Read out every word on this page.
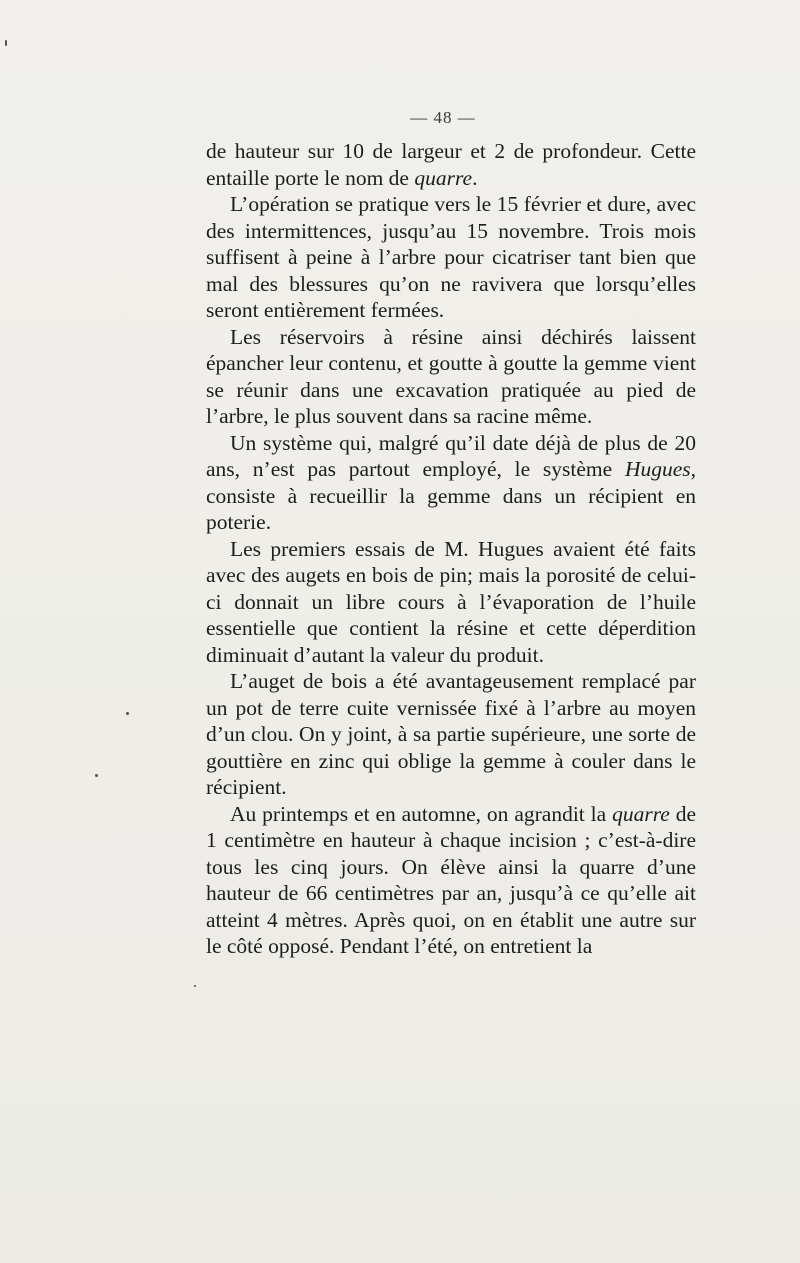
— 48 —

de hauteur sur 10 de largeur et 2 de profondeur. Cette entaille porte le nom de quarre.

L’opération se pratique vers le 15 février et dure, avec des intermittences, jusqu’au 15 novembre. Trois mois suffisent à peine à l’arbre pour cicatriser tant bien que mal des blessures qu’on ne ravivera que lorsqu’elles seront entièrement fermées.

Les réservoirs à résine ainsi déchirés laissent épancher leur contenu, et goutte à goutte la gemme vient se réunir dans une excavation pratiquée au pied de l’arbre, le plus souvent dans sa racine même.

Un système qui, malgré qu’il date déjà de plus de 20 ans, n’est pas partout employé, le système Hugues, consiste à recueillir la gemme dans un récipient en poterie.

Les premiers essais de M. Hugues avaient été faits avec des augets en bois de pin; mais la porosité de celui-ci donnait un libre cours à l’évaporation de l’huile essentielle que contient la résine et cette déperdition diminuait d’autant la valeur du produit.

L’auget de bois a été avantageusement remplacé par un pot de terre cuite vernissée fixé à l’arbre au moyen d’un clou. On y joint, à sa partie supérieure, une sorte de gouttière en zinc qui oblige la gemme à couler dans le récipient.

Au printemps et en automne, on agrandit la quarre de 1 centimètre en hauteur à chaque incision ; c’est-à-dire tous les cinq jours. On élève ainsi la quarre d’une hauteur de 66 centimètres par an, jusqu’à ce qu’elle ait atteint 4 mètres. Après quoi, on en établit une autre sur le côté opposé. Pendant l’été, on entretient la
